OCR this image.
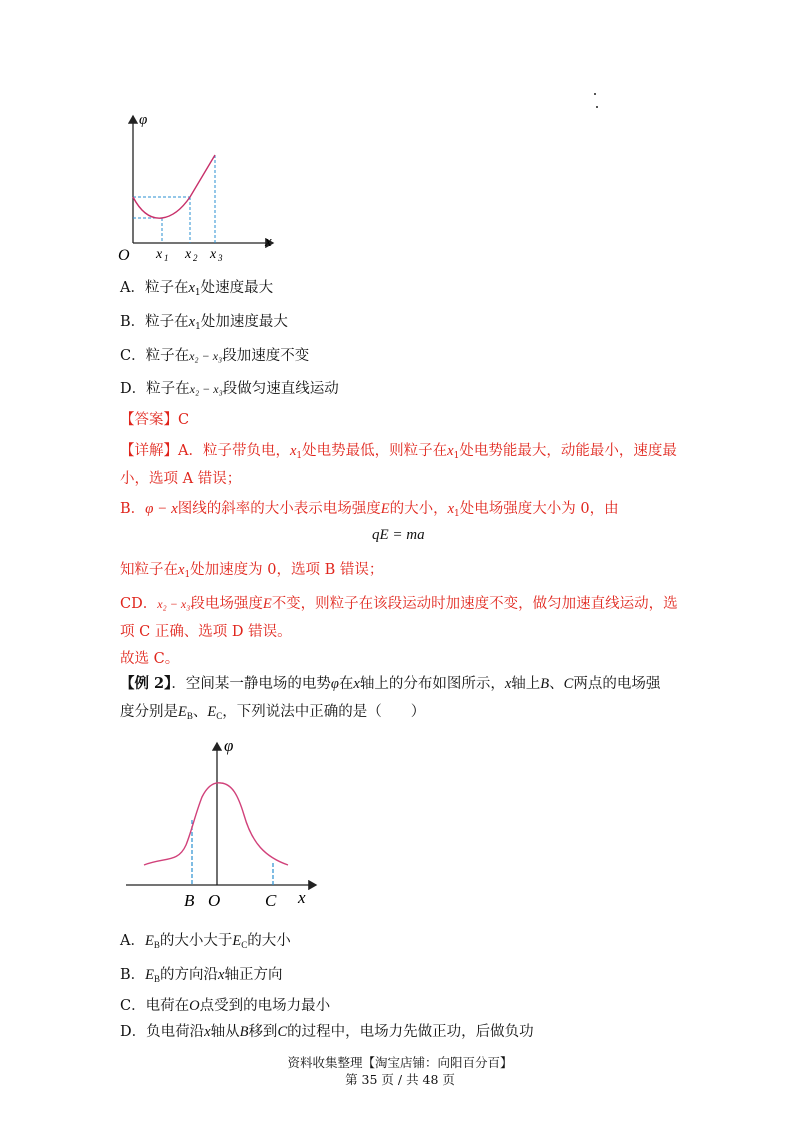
φ
x
O x 1 x 2 x 3
A．粒子在$x_1$处速度最大
B．粒子在$x_1$处加速度最大
C．粒子在x₂ − x₃段加速度不变
D．粒子在x₂ − x₃段做匀速直线运动
【答案】C
【详解】A．粒子带负电，$x_1$处电势最低，则粒子在$x_1$处电势能最大，动能最小，速度最
小，选项 A 错误；
B．φ − x图线的斜率的大小表示电场强度E的大小，$x_1$处电场强度大小为 0，由
qE = ma
知粒子在$x_1$处加速度为 0，选项 B 错误；
CD．x₂ − x₃段电场强度E不变，则粒子在该段运动时加速度不变，做匀加速直线运动，选
项 C 正确、选项 D 错误。
故选 C。
【例 2】．空间某一静电场的电势φ在x轴上的分布如图所示，x轴上B、C两点的电场强
度分别是$E_B$、$E_C$，下列说法中正确的是（　　）
φ
x
B O	C
A．$E_B$的大小大于$E_C$的大小
B．$E_B$的方向沿x轴正方向
C．电荷在O点受到的电场力最小
D．负电荷沿x轴从B移到C的过程中，电场力先做正功，后做负功
资料收集整理【淘宝店铺：向阳百分百】
第 35 页 / 共 48 页
